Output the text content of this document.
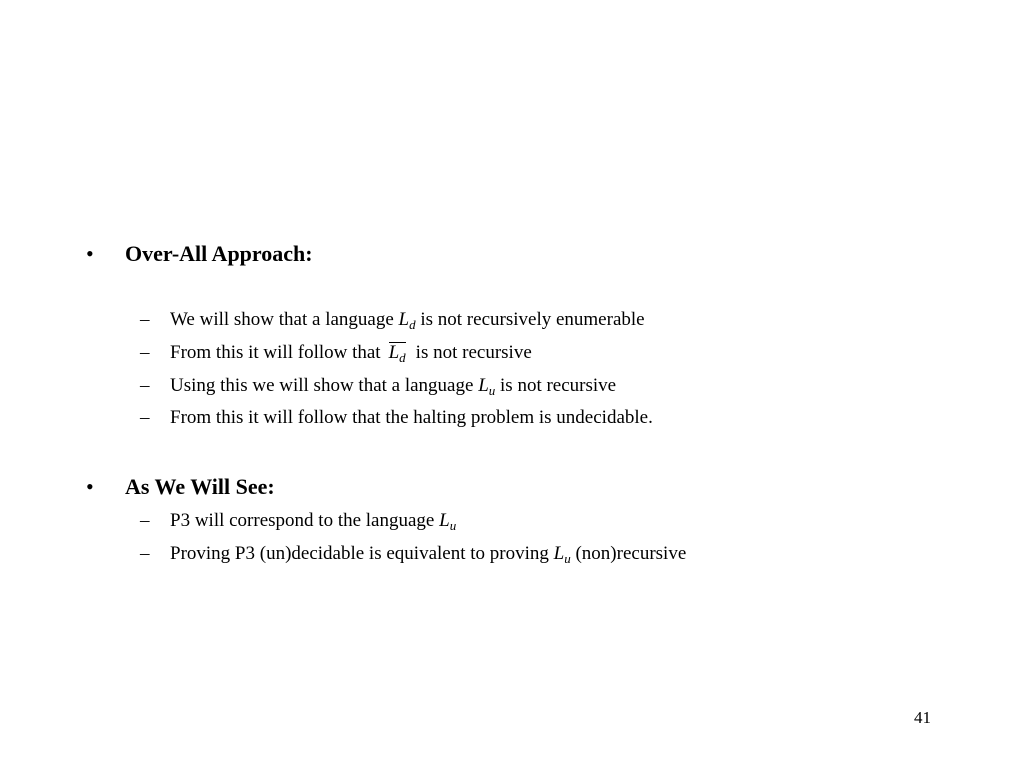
• Over-All Approach:
– We will show that a language $L_d$ is not recursively enumerable
– From this it will follow that $L_d$ is not recursive
– Using this we will show that a language $L_u$ is not recursive
– From this it will follow that the halting problem is undecidable.
• As We Will See:
– P3 will correspond to the language $L_u$
– Proving P3 (un)decidable is equivalent to proving $L_u$ (non)recursive
41
